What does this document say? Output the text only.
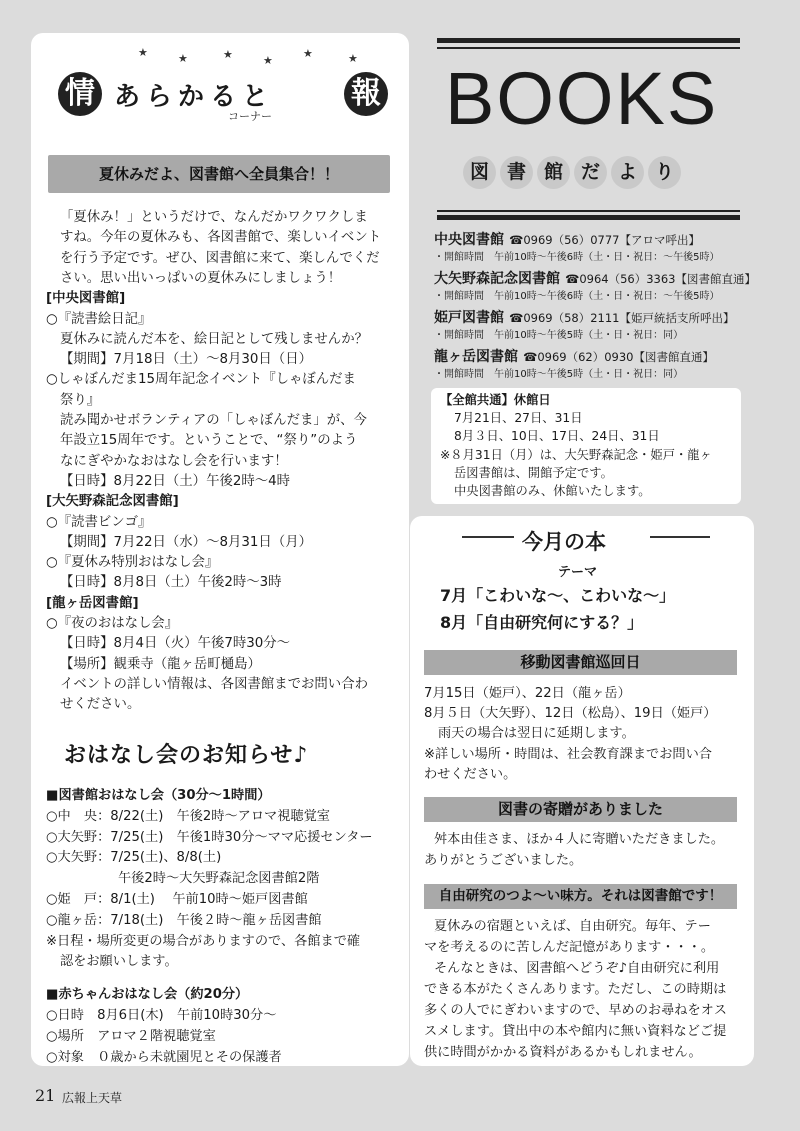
★	★	★	★
★	★
情 あらかると	報
コーナー
夏休みだよ、図書館へ全員集合！！
「夏休み！」というだけで、なんだかワクワクしま
すね。今年の夏休みも、各図書館で、楽しいイベント
を行う予定です。ぜひ、図書館に来て、楽しんでくだ
さい。思い出いっぱいの夏休みにしましょう！
[中央図書館]
○『読書絵日記』
夏休みに読んだ本を、絵日記として残しませんか？
【期間】7月18日（土）～8月30日（日）
○しゃぼんだま15周年記念イベント『しゃぼんだま
祭り』
読み聞かせボランティアの「しゃぼんだま」が、今
年設立15周年です。ということで、“祭り”のよう
なにぎやかなおはなし会を行います！
【日時】8月22日（土）午後2時～4時
[大矢野森記念図書館]
○『読書ビンゴ』
【期間】7月22日（水）～8月31日（月）
○『夏休み特別おはなし会』
【日時】8月8日（土）午後2時～3時
[龍ヶ岳図書館]
○『夜のおはなし会』
【日時】8月4日（火）午後7時30分～
【場所】観乗寺（龍ヶ岳町樋島）
イベントの詳しい情報は、各図書館までお問い合わ
せください。
おはなし会のお知らせ♪
■図書館おはなし会（30分～1時間）
○中　央：8/22(土)　午後2時～アロマ視聴覚室
○大矢野：7/25(土)　午後1時30分～ママ応援センター
○大矢野：7/25(土)、8/8(土)
午後2時～大矢野森記念図書館2階
○姫　戸：8/1(土)　 午前10時～姫戸図書館
○龍ヶ岳：7/18(土)　午後２時～龍ヶ岳図書館
※日程・場所変更の場合がありますので、各館まで確
認をお願いします。
■赤ちゃんおはなし会（約20分）
○日時　8月6日(木)　午前10時30分～
○場所　アロマ２階視聴覚室
○対象　０歳から未就園児とその保護者
BOOKS
図 書 館 だ よ り
中央図書館 ☎0969（56）0777【アロマ呼出】
・開館時間　午前10時～午後6時（土・日・祝日：～午後5時）
大矢野森記念図書館 ☎0964（56）3363【図書館直通】
・開館時間　午前10時～午後6時（土・日・祝日：～午後5時）
姫戸図書館 ☎0969（58）2111【姫戸統括支所呼出】
・開館時間　午前10時～午後5時（土・日・祝日：同）
龍ヶ岳図書館 ☎0969（62）0930【図書館直通】
・開館時間　午前10時～午後5時（土・日・祝日：同）
【全館共通】休館日
7月21日、27日、31日
8月３日、10日、17日、24日、31日
※８月31日（月）は、大矢野森記念・姫戸・龍ヶ
岳図書館は、開館予定です。
中央図書館のみ、休館いたします。
今月の本
テーマ
7月「こわいな～、こわいな～」
8月「自由研究何にする？」
移動図書館巡回日
7月15日（姫戸）、22日（龍ヶ岳）
8月５日（大矢野）、12日（松島）、19日（姫戸）
雨天の場合は翌日に延期します。
※詳しい場所・時間は、社会教育課までお問い合
わせください。
図書の寄贈がありました
舛本由佳さま、ほか４人に寄贈いただきました。
ありがとうございました。
自由研究のつよ～い味方。それは図書館です！
夏休みの宿題といえば、自由研究。毎年、テー
マを考えるのに苦しんだ記憶があります・・・。
そんなときは、図書館へどうぞ♪自由研究に利用
できる本がたくさんあります。ただし、この時期は
多くの人でにぎわいますので、早めのお尋ねをオス
スメします。貸出中の本や館内に無い資料などご提
供に時間がかかる資料があるかもしれません。
21 広報上天草
